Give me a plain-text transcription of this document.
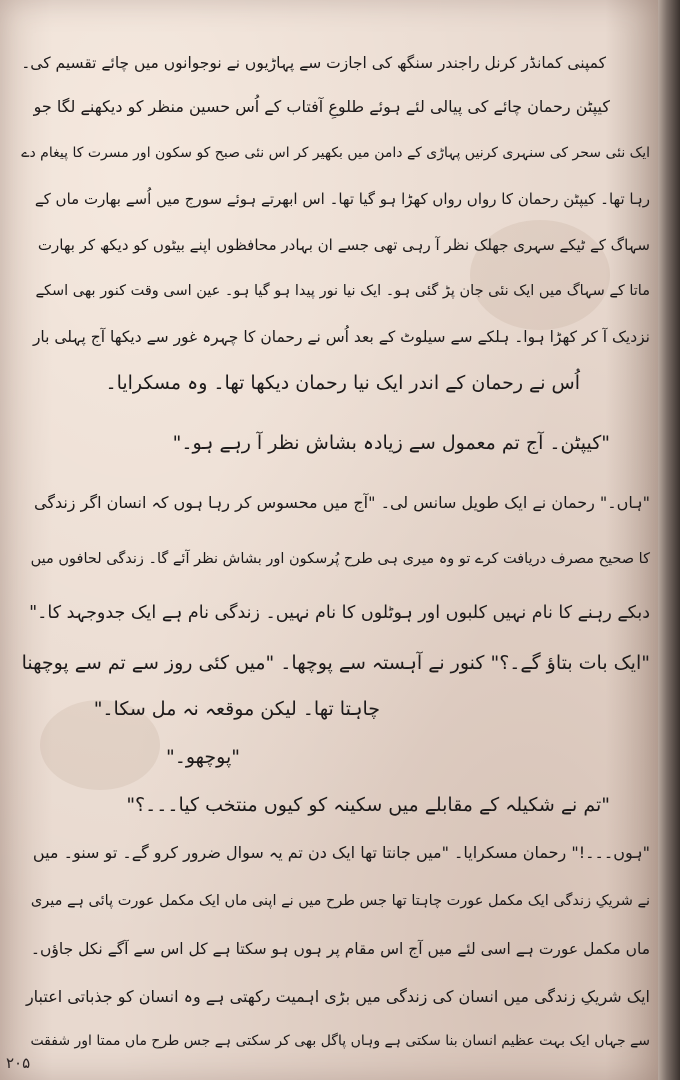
کمپنی کمانڈر کرنل راجندر سنگھ کی اجازت سے پہاڑیوں نے نوجوانوں میں چائے تقسیم کی۔
کیپٹن رحمان چائے کی پیالی لئے ہوئے طلوعِ آفتاب کے اُس حسین منظر کو دیکھنے لگا جو
ایک نئی سحر کی سنہری کرنیں پہاڑی کے دامن میں بکھیر کر اس نئی صبح کو سکون اور مسرت کا پیغام دے
رہا تھا۔ کیپٹن رحمان کا رواں رواں کھڑا ہو گیا تھا۔ اس ابھرتے ہوئے سورج میں اُسے بھارت ماں کے
سہاگ کے ٹیکے سہری جھلک نظر آ رہی تھی جسے ان بہادر محافظوں اپنے بیٹوں کو دیکھ کر بھارت
ماتا کے سہاگ میں ایک نئی جان پڑ گئی ہو۔ ایک نیا نور پیدا ہو گیا ہو۔ عین اسی وقت کنور بھی اسکے
نزدیک آ کر کھڑا ہوا۔ ہلکے سے سیلوٹ کے بعد اُس نے رحمان کا چہرہ غور سے دیکھا آج پہلی بار
اُس نے رحمان کے اندر ایک نیا رحمان دیکھا تھا۔ وہ مسکرایا۔
"کیپٹن۔ آج تم معمول سے زیادہ بشاش نظر آ رہے ہو۔"
"ہاں۔" رحمان نے ایک طویل سانس لی۔ "آج میں محسوس کر رہا ہوں کہ انسان اگر زندگی
کا صحیح مصرف دریافت کرے تو وہ میری ہی طرح پُرسکون اور بشاش نظر آئے گا۔ زندگی لحافوں میں
دبکے رہنے کا نام نہیں کلبوں اور ہوٹلوں کا نام نہیں۔ زندگی نام ہے ایک جدوجہد کا۔"
"ایک بات بتاؤ گے۔؟" کنور نے آہستہ سے پوچھا۔ "میں کئی روز سے تم سے پوچھنا
چاہتا تھا۔ لیکن موقعہ نہ مل سکا۔"
"پوچھو۔"
"تم نے شکیلہ کے مقابلے میں سکینہ کو کیوں منتخب کیا۔۔۔؟"
"ہوں۔۔۔!" رحمان مسکرایا۔ "میں جانتا تھا ایک دن تم یہ سوال ضرور کرو گے۔ تو سنو۔ میں
نے شریکِ زندگی ایک مکمل عورت چاہتا تھا جس طرح میں نے اپنی ماں ایک مکمل عورت پائی ہے میری
ماں مکمل عورت ہے اسی لئے میں آج اس مقام پر ہوں ہو سکتا ہے کل اس سے آگے نکل جاؤں۔
ایک شریکِ زندگی میں انسان کی زندگی میں بڑی اہمیت رکھتی ہے وہ انسان کو جذباتی اعتبار
سے جہاں ایک بہت عظیم انسان بنا سکتی ہے وہاں پاگل بھی کر سکتی ہے جس طرح ماں ممتا اور شفقت
۲۰۵
